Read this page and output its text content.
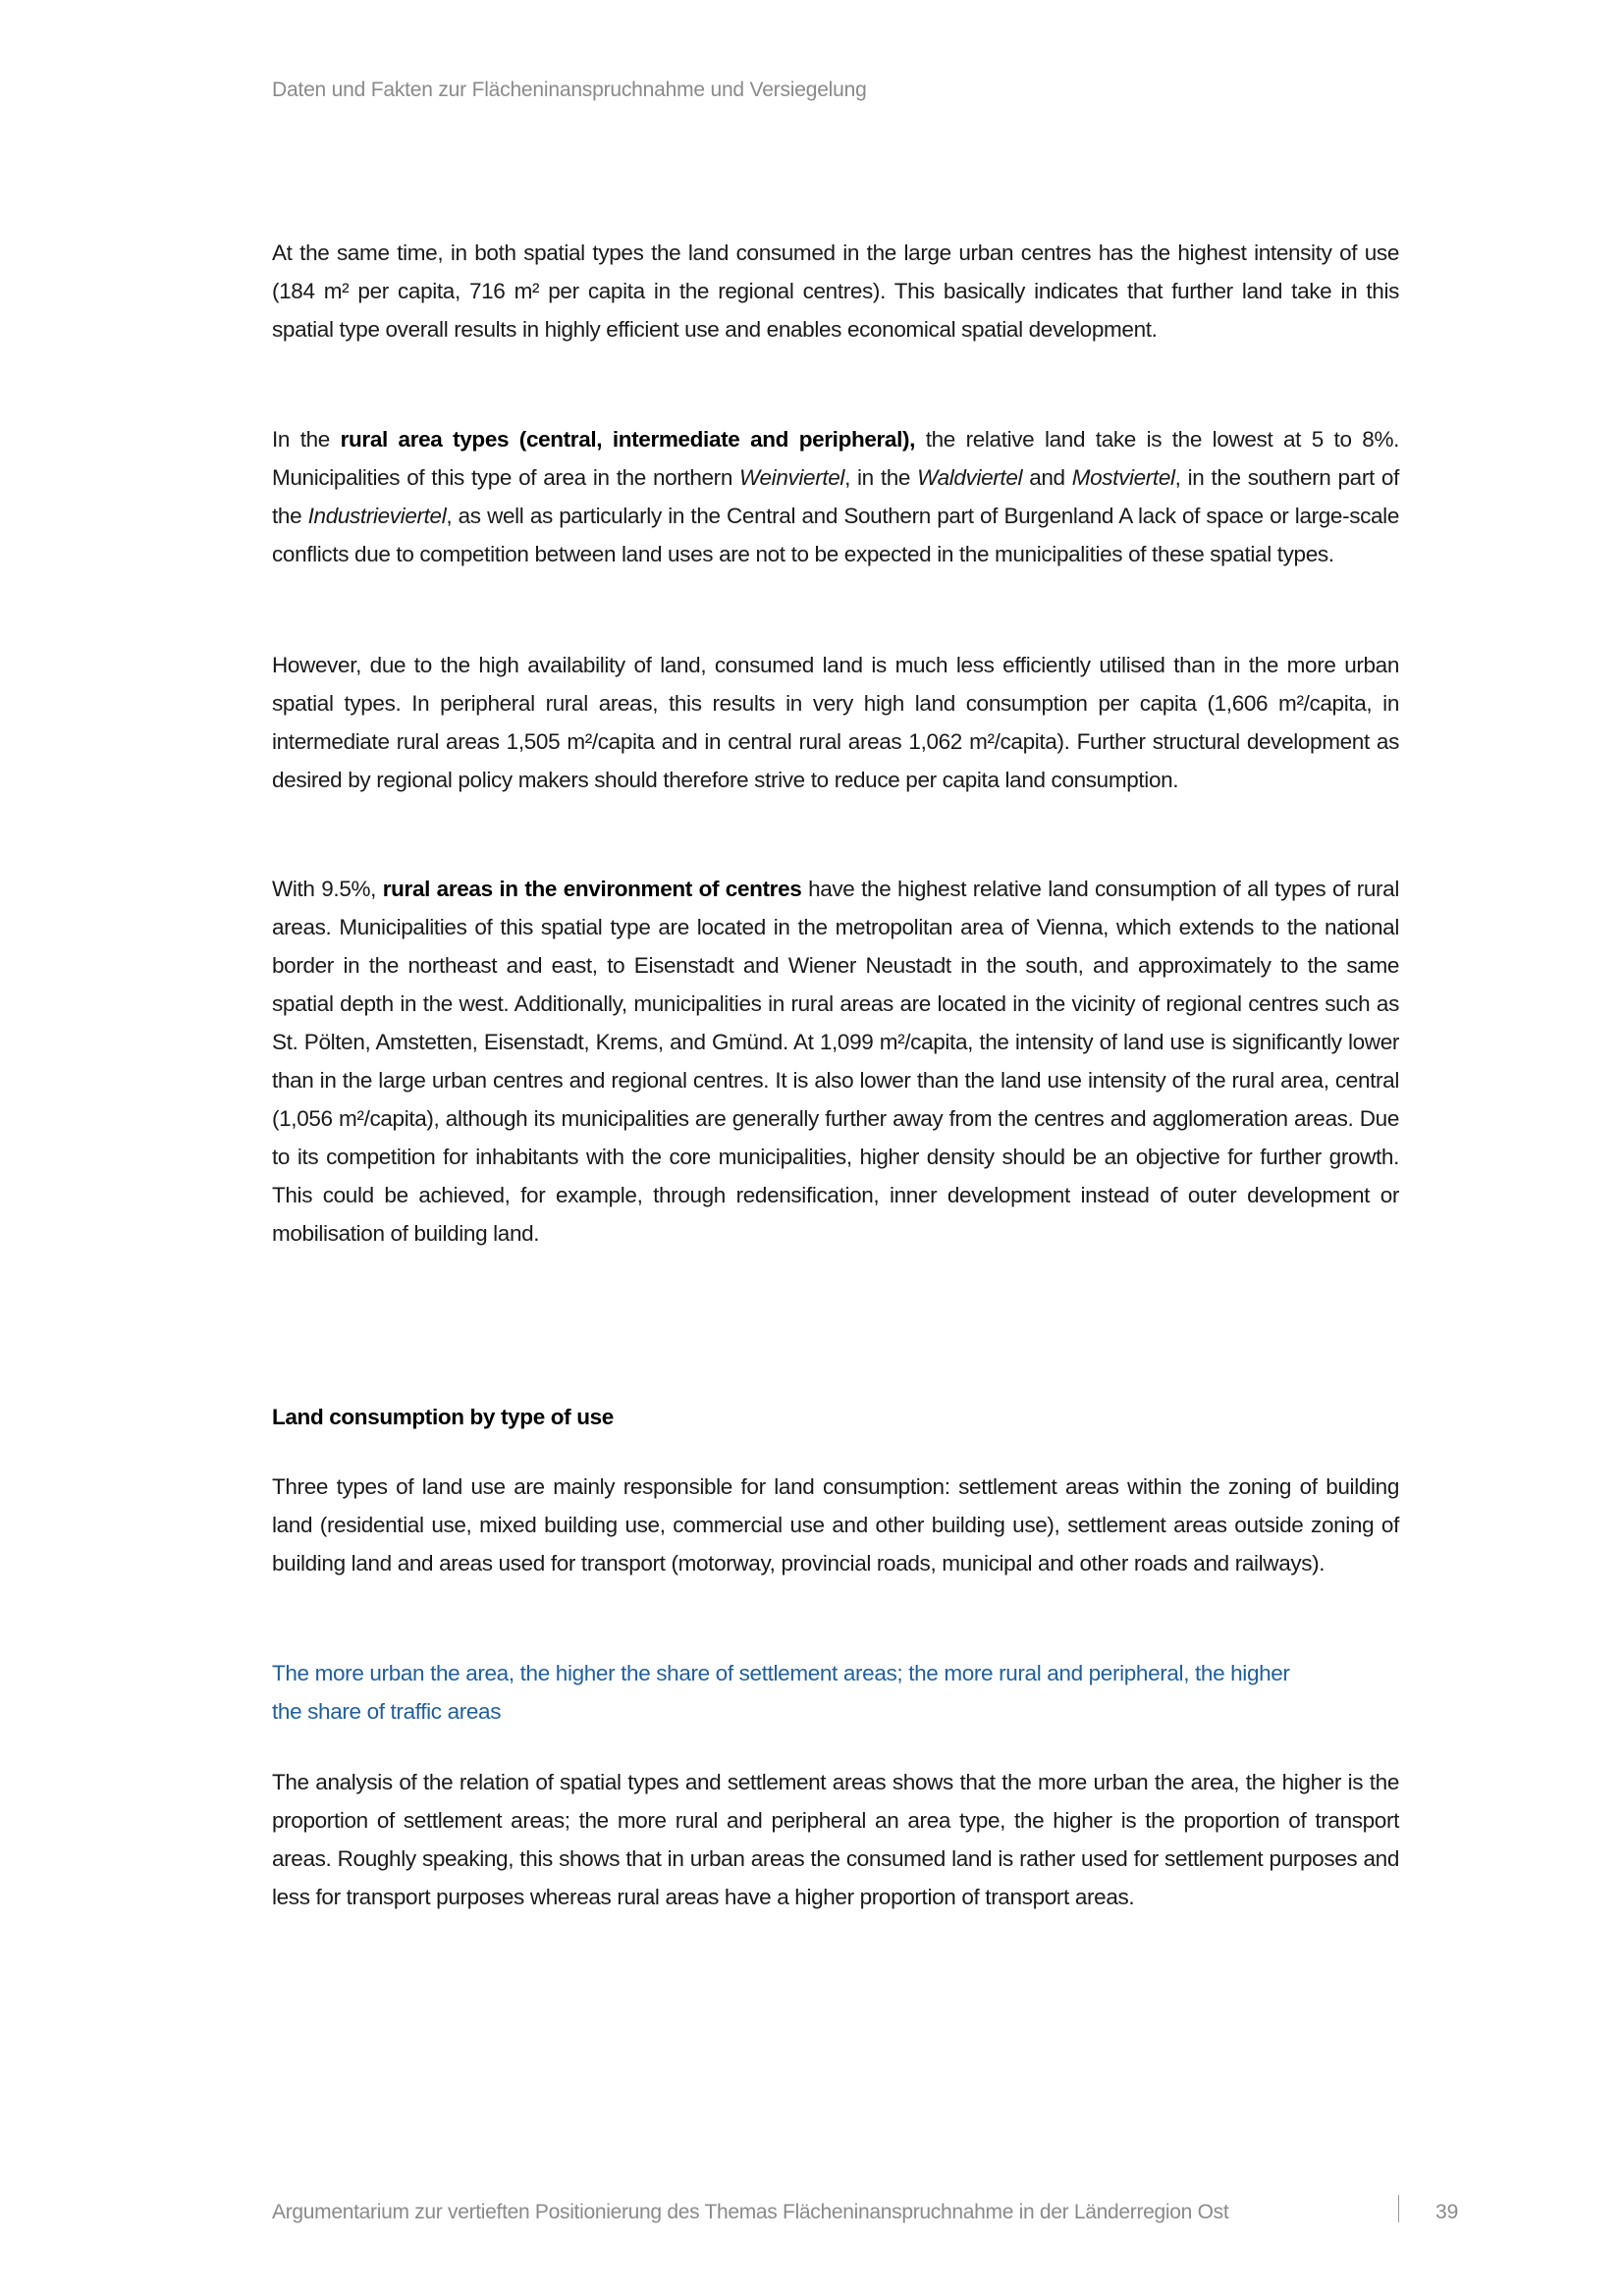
Daten und Fakten zur Flächeninanspruchnahme und Versiegelung

At the same time, in both spatial types the land consumed in the large urban centres has the highest intensity of use (184 m² per capita, 716 m² per capita in the regional centres). This basically indicates that further land take in this spatial type overall results in highly efficient use and enables economical spatial development.

In the rural area types (central, intermediate and peripheral), the relative land take is the lowest at 5 to 8%. Municipalities of this type of area in the northern Weinviertel, in the Waldviertel and Mostviertel, in the southern part of the Industrieviertel, as well as particularly in the Central and Southern part of Burgenland A lack of space or large-scale conflicts due to competition between land uses are not to be expected in the municipalities of these spatial types.

However, due to the high availability of land, consumed land is much less efficiently utilised than in the more urban spatial types. In peripheral rural areas, this results in very high land consumption per capita (1,606 m²/capita, in intermediate rural areas 1,505 m²/capita and in central rural areas 1,062 m²/capita). Further structural development as desired by regional policy makers should therefore strive to reduce per capita land consumption.

With 9.5%, rural areas in the environment of centres have the highest relative land consumption of all types of rural areas. Municipalities of this spatial type are located in the metropolitan area of Vienna, which extends to the national border in the northeast and east, to Eisenstadt and Wiener Neustadt in the south, and approximately to the same spatial depth in the west. Additionally, municipalities in rural areas are located in the vicinity of regional centres such as St. Pölten, Amstetten, Eisenstadt, Krems, and Gmünd. At 1,099 m²/capita, the intensity of land use is significantly lower than in the large urban centres and regional centres. It is also lower than the land use intensity of the rural area, central (1,056 m²/capita), although its municipalities are generally further away from the centres and agglomeration areas. Due to its competition for inhabitants with the core municipalities, higher density should be an objective for further growth. This could be achieved, for example, through redensification, inner development instead of outer development or mobilisation of building land.

Land consumption by type of use

Three types of land use are mainly responsible for land consumption: settlement areas within the zoning of building land (residential use, mixed building use, commercial use and other building use), settlement areas outside zoning of building land and areas used for transport (motorway, provincial roads, municipal and other roads and railways).

The more urban the area, the higher the share of settlement areas; the more rural and peripheral, the higher the share of traffic areas

The analysis of the relation of spatial types and settlement areas shows that the more urban the area, the higher is the proportion of settlement areas; the more rural and peripheral an area type, the higher is the proportion of transport areas. Roughly speaking, this shows that in urban areas the consumed land is rather used for settlement purposes and less for transport purposes whereas rural areas have a higher proportion of transport areas.

Argumentarium zur vertieften Positionierung des Themas Flächeninanspruchnahme in der Länderregion Ost	39
